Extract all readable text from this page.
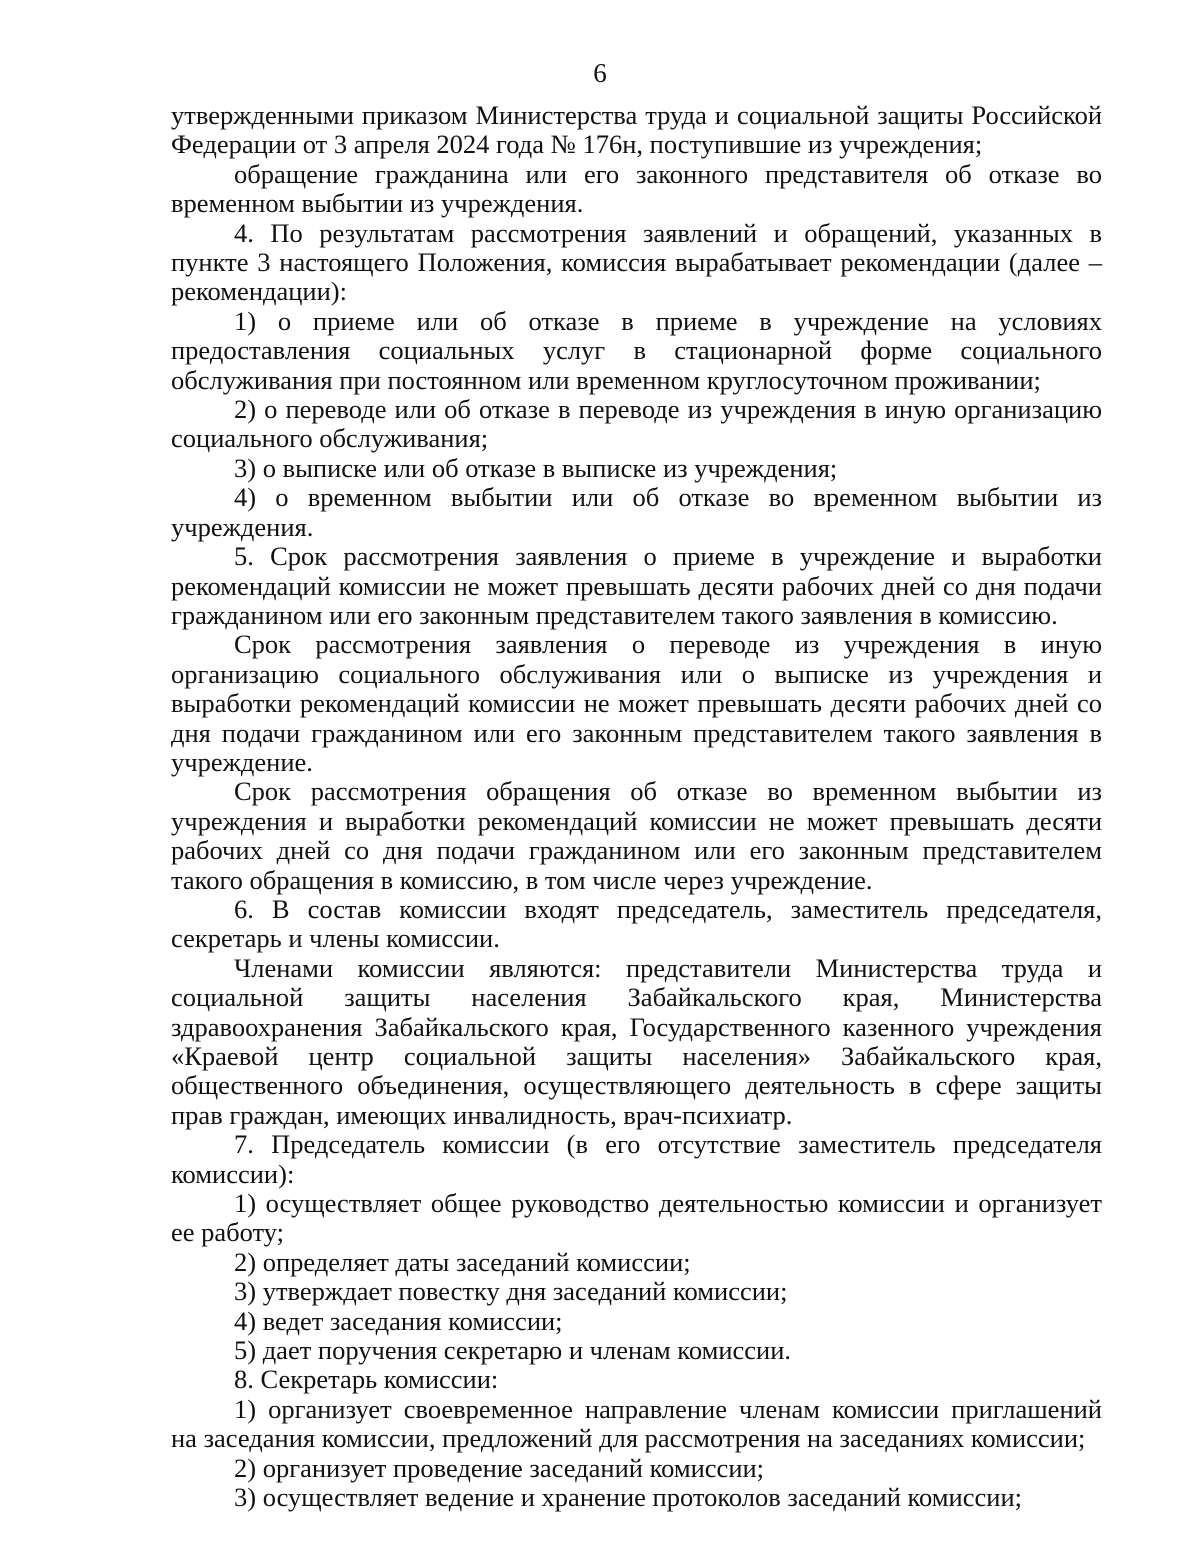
6

утвержденными приказом Министерства труда и социальной защиты Российской Федерации от 3 апреля 2024 года № 176н, поступившие из учреждения;

обращение гражданина или его законного представителя об отказе во временном выбытии из учреждения.

4. По результатам рассмотрения заявлений и обращений, указанных в пункте 3 настоящего Положения, комиссия вырабатывает рекомендации (далее – рекомендации):

1) о приеме или об отказе в приеме в учреждение на условиях предоставления социальных услуг в стационарной форме социального обслуживания при постоянном или временном круглосуточном проживании;

2) о переводе или об отказе в переводе из учреждения в иную организацию социального обслуживания;

3) о выписке или об отказе в выписке из учреждения;

4) о временном выбытии или об отказе во временном выбытии из учреждения.

5. Срок рассмотрения заявления о приеме в учреждение и выработки рекомендаций комиссии не может превышать десяти рабочих дней со дня подачи гражданином или его законным представителем такого заявления в комиссию.

Срок рассмотрения заявления о переводе из учреждения в иную организацию социального обслуживания или о выписке из учреждения и выработки рекомендаций комиссии не может превышать десяти рабочих дней со дня подачи гражданином или его законным представителем такого заявления в учреждение.

Срок рассмотрения обращения об отказе во временном выбытии из учреждения и выработки рекомендаций комиссии не может превышать десяти рабочих дней со дня подачи гражданином или его законным представителем такого обращения в комиссию, в том числе через учреждение.

6. В состав комиссии входят председатель, заместитель председателя, секретарь и члены комиссии.

Членами комиссии являются: представители Министерства труда и социальной защиты населения Забайкальского края, Министерства здравоохранения Забайкальского края, Государственного казенного учреждения «Краевой центр социальной защиты населения» Забайкальского края, общественного объединения, осуществляющего деятельность в сфере защиты прав граждан, имеющих инвалидность, врач-психиатр.

7. Председатель комиссии (в его отсутствие заместитель председателя комиссии):

1) осуществляет общее руководство деятельностью комиссии и организует ее работу;

2) определяет даты заседаний комиссии;

3) утверждает повестку дня заседаний комиссии;

4) ведет заседания комиссии;

5) дает поручения секретарю и членам комиссии.

8. Секретарь комиссии:

1) организует своевременное направление членам комиссии приглашений на заседания комиссии, предложений для рассмотрения на заседаниях комиссии;

2) организует проведение заседаний комиссии;

3) осуществляет ведение и хранение протоколов заседаний комиссии;
